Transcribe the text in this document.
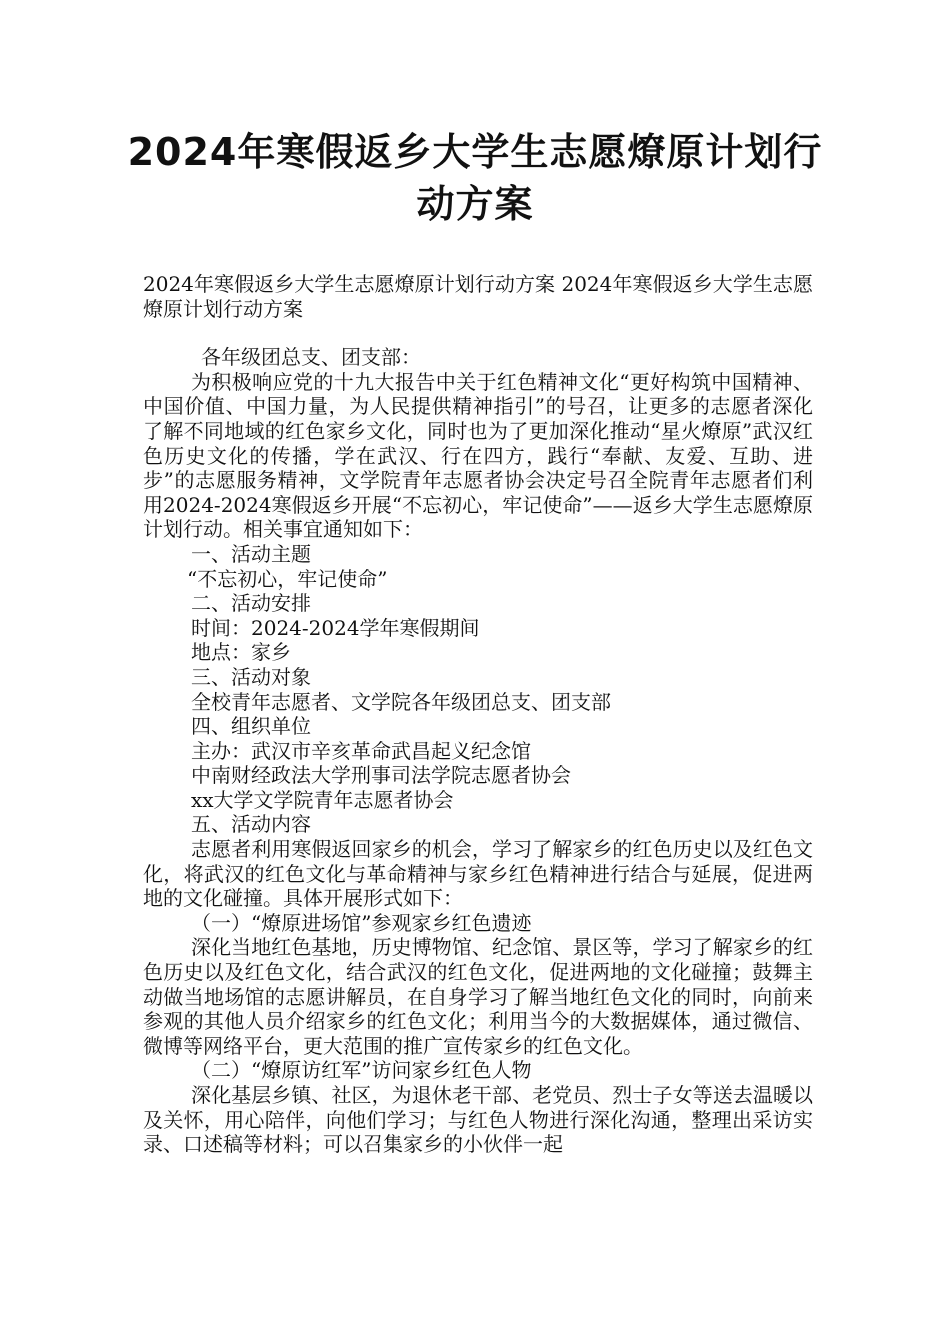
2024年寒假返乡大学生志愿燎原计划行动方案

2024年寒假返乡大学生志愿燎原计划行动方案 2024年寒假返乡大学生志愿燎原计划行动方案

各年级团总支、团支部：

为积极响应党的十九大报告中关于红色精神文化“更好构筑中国精神、中国价值、中国力量，为人民提供精神指引”的号召，让更多的志愿者深化了解不同地域的红色家乡文化，同时也为了更加深化推动“星火燎原”武汉红色历史文化的传播，学在武汉、行在四方，践行“奉献、友爱、互助、进步”的志愿服务精神，文学院青年志愿者协会决定号召全院青年志愿者们利用2024-2024寒假返乡开展“不忘初心，牢记使命”——返乡大学生志愿燎原计划行动。相关事宜通知如下：

一、活动主题

“不忘初心，牢记使命”

二、活动安排

时间：2024-2024学年寒假期间

地点：家乡

三、活动对象

全校青年志愿者、文学院各年级团总支、团支部

四、组织单位

主办：武汉市辛亥革命武昌起义纪念馆

中南财经政法大学刑事司法学院志愿者协会

xx大学文学院青年志愿者协会

五、活动内容

志愿者利用寒假返回家乡的机会，学习了解家乡的红色历史以及红色文化，将武汉的红色文化与革命精神与家乡红色精神进行结合与延展，促进两地的文化碰撞。具体开展形式如下：

（一）“燎原进场馆”参观家乡红色遗迹

深化当地红色基地，历史博物馆、纪念馆、景区等，学习了解家乡的红色历史以及红色文化，结合武汉的红色文化，促进两地的文化碰撞；鼓舞主动做当地场馆的志愿讲解员，在自身学习了解当地红色文化的同时，向前来参观的其他人员介绍家乡的红色文化；利用当今的大数据媒体，通过微信、微博等网络平台，更大范围的推广宣传家乡的红色文化。

（二）“燎原访红军”访问家乡红色人物

深化基层乡镇、社区，为退休老干部、老党员、烈士子女等送去温暖以及关怀，用心陪伴，向他们学习；与红色人物进行深化沟通，整理出采访实录、口述稿等材料；可以召集家乡的小伙伴一起
